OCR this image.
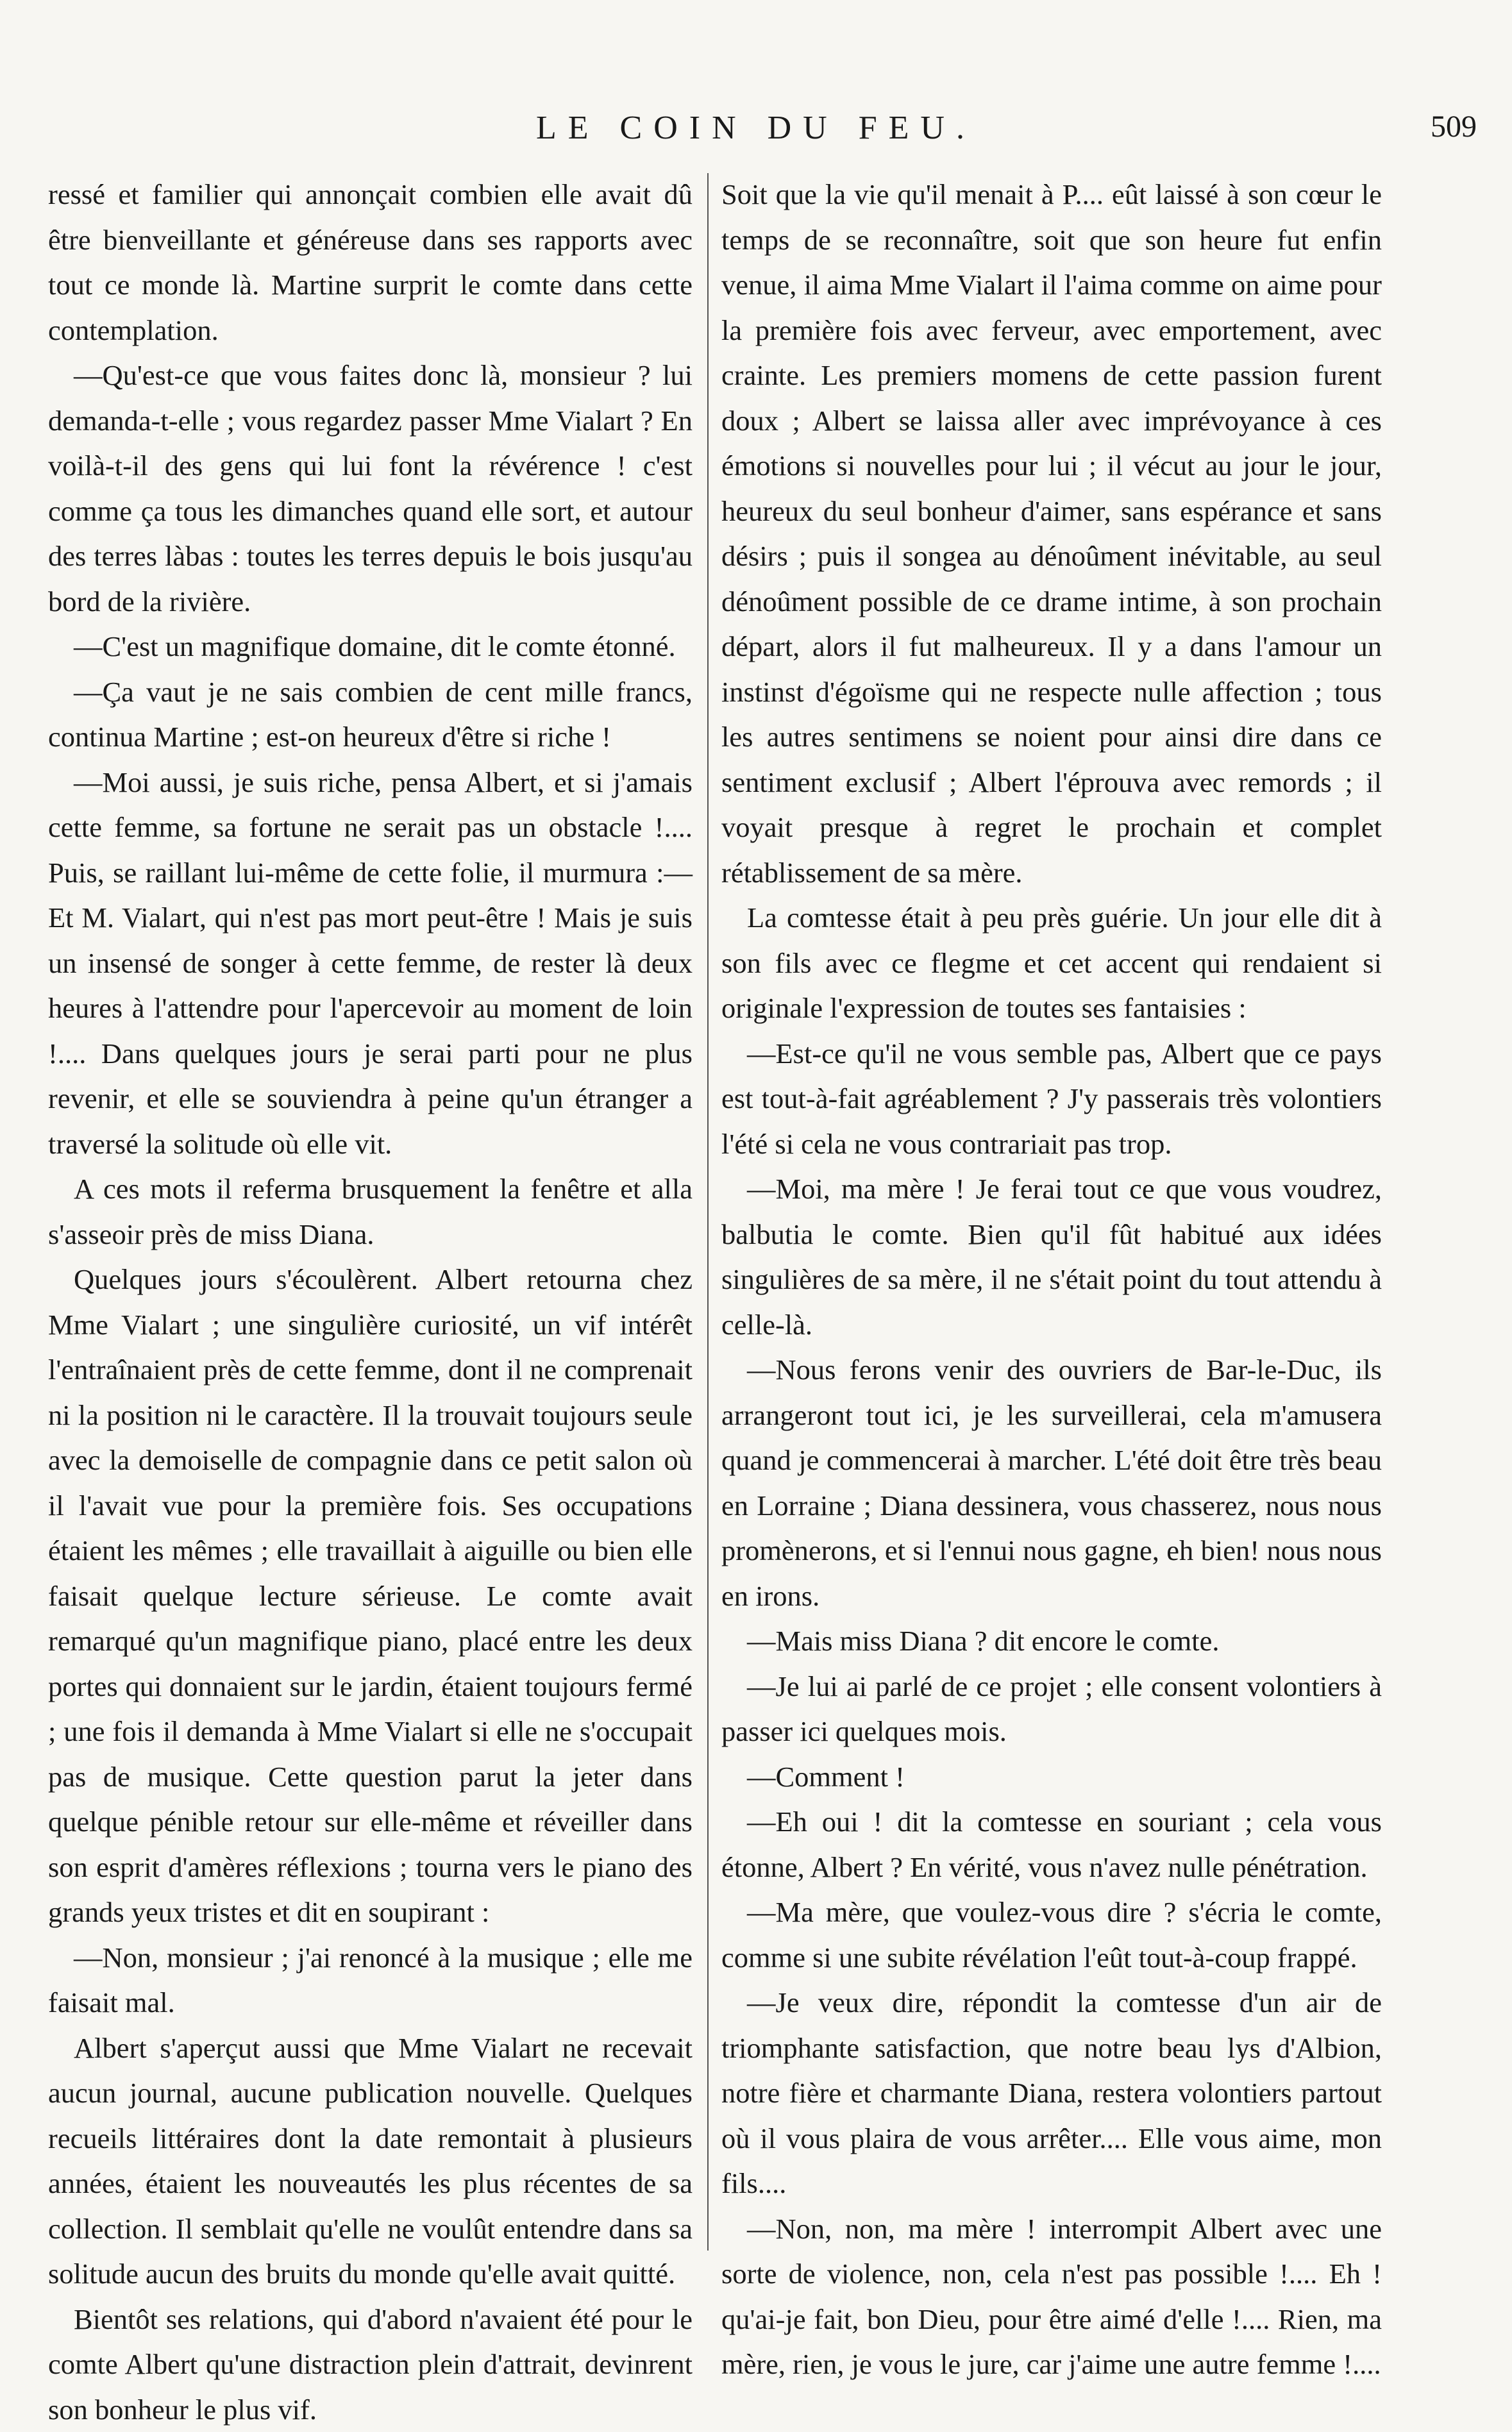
LE COIN DU FEU.	509

ressé et familier qui annonçait combien elle avait dû être bienveillante et généreuse dans ses rapports avec tout ce monde là. Martine surprit le comte dans cette contemplation.

—Qu'est-ce que vous faites donc là, monsieur ? lui demanda-t-elle ; vous regardez passer Mme Vialart ? En voilà-t-il des gens qui lui font la révérence ! c'est comme ça tous les dimanches quand elle sort, et autour des terres làbas : toutes les terres depuis le bois jusqu'au bord de la rivière.

—C'est un magnifique domaine, dit le comte étonné.

—Ça vaut je ne sais combien de cent mille francs, continua Martine ; est-on heureux d'être si riche !

—Moi aussi, je suis riche, pensa Albert, et si j'amais cette femme, sa fortune ne serait pas un obstacle !.... Puis, se raillant lui-même de cette folie, il murmura :—Et M. Vialart, qui n'est pas mort peut-être ! Mais je suis un insensé de songer à cette femme, de rester là deux heures à l'attendre pour l'apercevoir au moment de loin !.... Dans quelques jours je serai parti pour ne plus revenir, et elle se souviendra à peine qu'un étranger a traversé la solitude où elle vit.

A ces mots il referma brusquement la fenêtre et alla s'asseoir près de miss Diana.

Quelques jours s'écoulèrent. Albert retourna chez Mme Vialart ; une singulière curiosité, un vif intérêt l'entraînaient près de cette femme, dont il ne comprenait ni la position ni le caractère. Il la trouvait toujours seule avec la demoiselle de compagnie dans ce petit salon où il l'avait vue pour la première fois. Ses occupations étaient les mêmes ; elle travaillait à aiguille ou bien elle faisait quelque lecture sérieuse. Le comte avait remarqué qu'un magnifique piano, placé entre les deux portes qui donnaient sur le jardin, étaient toujours fermé ; une fois il demanda à Mme Vialart si elle ne s'occupait pas de musique. Cette question parut la jeter dans quelque pénible retour sur elle-même et réveiller dans son esprit d'amères réflexions ; tourna vers le piano des grands yeux tristes et dit en soupirant :

—Non, monsieur ; j'ai renoncé à la musique ; elle me faisait mal.

Albert s'aperçut aussi que Mme Vialart ne recevait aucun journal, aucune publication nouvelle. Quelques recueils littéraires dont la date remontait à plusieurs années, étaient les nouveautés les plus récentes de sa collection. Il semblait qu'elle ne voulût entendre dans sa solitude aucun des bruits du monde qu'elle avait quitté.

Bientôt ses relations, qui d'abord n'avaient été pour le comte Albert qu'une distraction plein d'attrait, devinrent son bonheur le plus vif.

Soit que la vie qu'il menait à P.... eût laissé à son cœur le temps de se reconnaître, soit que son heure fut enfin venue, il aima Mme Vialart il l'aima comme on aime pour la première fois avec ferveur, avec emportement, avec crainte. Les premiers momens de cette passion furent doux ; Albert se laissa aller avec imprévoyance à ces émotions si nouvelles pour lui ; il vécut au jour le jour, heureux du seul bonheur d'aimer, sans espérance et sans désirs ; puis il songea au dénoûment inévitable, au seul dénoûment possible de ce drame intime, à son prochain départ, alors il fut malheureux. Il y a dans l'amour un instinst d'égoïsme qui ne respecte nulle affection ; tous les autres sentimens se noient pour ainsi dire dans ce sentiment exclusif ; Albert l'éprouva avec remords ; il voyait presque à regret le prochain et complet rétablissement de sa mère.

La comtesse était à peu près guérie. Un jour elle dit à son fils avec ce flegme et cet accent qui rendaient si originale l'expression de toutes ses fantaisies :

—Est-ce qu'il ne vous semble pas, Albert que ce pays est tout-à-fait agréablement ? J'y passerais très volontiers l'été si cela ne vous contrariait pas trop.

—Moi, ma mère ! Je ferai tout ce que vous voudrez, balbutia le comte. Bien qu'il fût habitué aux idées singulières de sa mère, il ne s'était point du tout attendu à celle-là.

—Nous ferons venir des ouvriers de Bar-le-Duc, ils arrangeront tout ici, je les surveillerai, cela m'amusera quand je commencerai à marcher. L'été doit être très beau en Lorraine ; Diana dessinera, vous chasserez, nous nous promènerons, et si l'ennui nous gagne, eh bien! nous nous en irons.

—Mais miss Diana ? dit encore le comte.

—Je lui ai parlé de ce projet ; elle consent volontiers à passer ici quelques mois.

—Comment !

—Eh oui ! dit la comtesse en souriant ; cela vous étonne, Albert ? En vérité, vous n'avez nulle pénétration.

—Ma mère, que voulez-vous dire ? s'écria le comte, comme si une subite révélation l'eût tout-à-coup frappé.

—Je veux dire, répondit la comtesse d'un air de triomphante satisfaction, que notre beau lys d'Albion, notre fière et charmante Diana, restera volontiers partout où il vous plaira de vous arrêter.... Elle vous aime, mon fils....

—Non, non, ma mère ! interrompit Albert avec une sorte de violence, non, cela n'est pas possible !.... Eh ! qu'ai-je fait, bon Dieu, pour être aimé d'elle !.... Rien, ma mère, rien, je vous le jure, car j'aime une autre femme !....
